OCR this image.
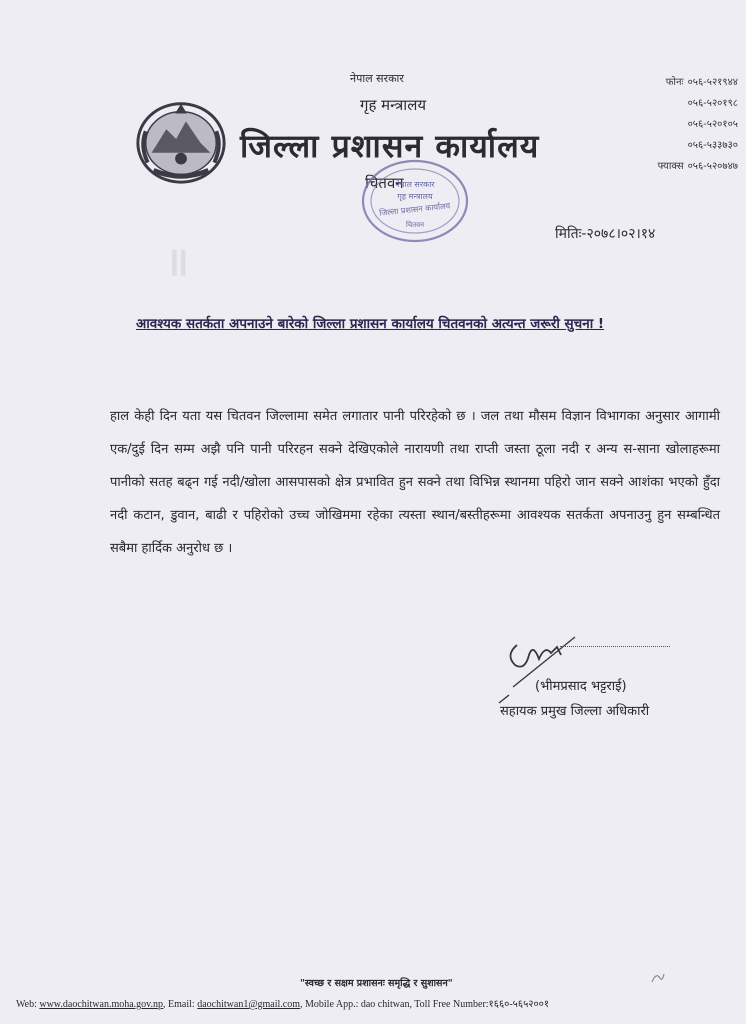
नेपाल सरकार
गृह मन्त्रालय
जिल्ला प्रशासन कार्यालय
चितवन
फोनः ०५६-५२१९४४
०५६-५२०१९८
०५६-५२०१०५
०५६-५३३७३०
फ्याक्स ०५६-५२०७४७
नेपाल सरकार
गृह मन्त्रालय
जिल्ला प्रशासन कार्यालय
चितवन
॥
मितिः-२०७८।०२।१४
आवश्यक सतर्कता अपनाउने बारेको जिल्ला प्रशासन कार्यालय चितवनको अत्यन्त जरूरी सुचना !
हाल केही दिन यता यस चितवन जिल्लामा समेत लगातार पानी परिरहेको छ । जल तथा मौसम विज्ञान विभागका अनुसार आगामी एक/दुई दिन सम्म अझै पनि पानी परिरहन सक्ने देखिएकोले नारायणी तथा राप्ती जस्ता ठूला नदी र अन्य स-साना खोलाहरूमा पानीको सतह बढ्न गई नदी/खोला आसपासको क्षेत्र प्रभावित हुन सक्ने तथा विभिन्न स्थानमा पहिरो जान सक्ने आशंका भएको हुँदा नदी कटान, डुवान, बाढी र पहिरोको उच्च जोखिममा रहेका त्यस्ता स्थान/बस्तीहरूमा आवश्यक सतर्कता अपनाउनु हुन सम्बन्धित सबैमा हार्दिक अनुरोध छ ।
(भीमप्रसाद भट्टराई)
सहायक प्रमुख जिल्ला अधिकारी
"स्वच्छ र सक्षम प्रशासनः समृद्धि र सुशासन"
Web: www.daochitwan.moha.gov.np, Email: daochitwan1@gmail.com, Mobile App.: dao chitwan, Toll Free Number:१६६०-५६५२००१
